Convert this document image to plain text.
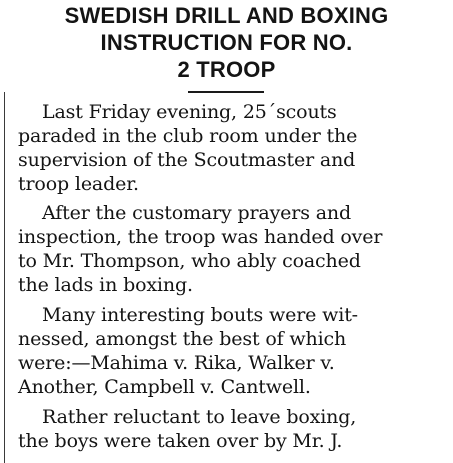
SWEDISH DRILL AND BOXING
INSTRUCTION FOR NO.
2 TROOP
Last Friday evening, 25´scouts
paraded in the club room under the
supervision of the Scoutmaster and
troop leader.
After the customary prayers and
inspection, the troop was handed over
to Mr. Thompson, who ably coached
the lads in boxing.
Many interesting bouts were wit-
nessed, amongst the best of which
were:—Mahima v. Rika, Walker v.
Another, Campbell v. Cantwell.
Rather reluctant to leave boxing,
the boys were taken over by Mr. J.
